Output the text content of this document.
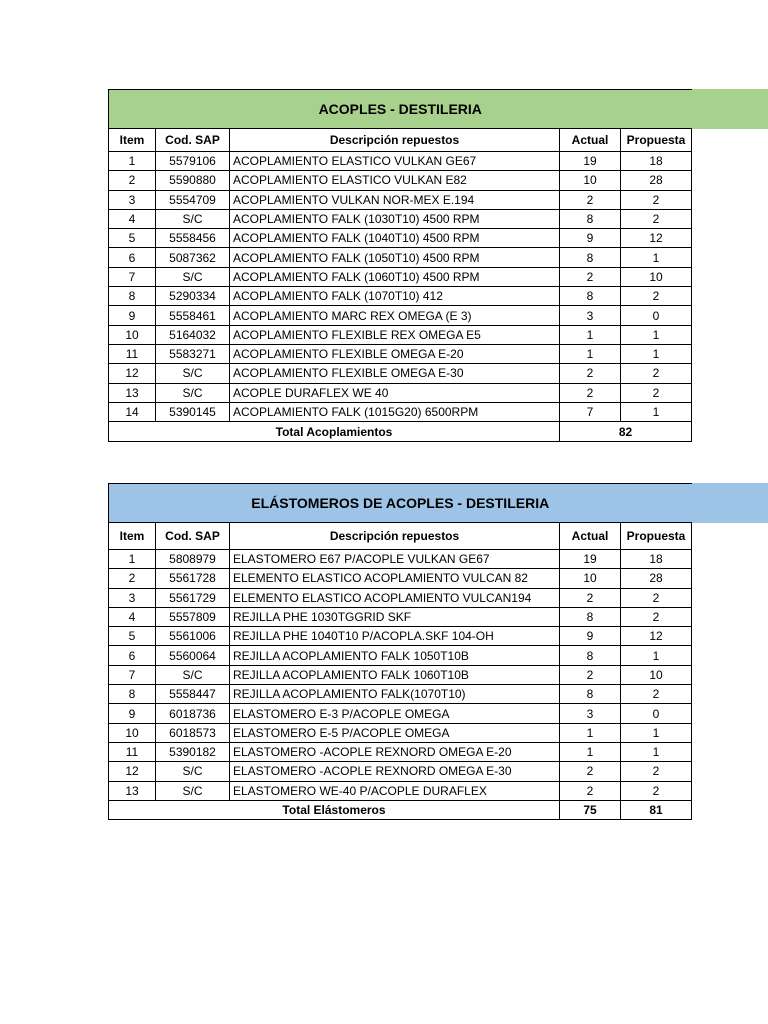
ACOPLES - DESTILERIA				
Item	Cod. SAP	Descripción repuestos	Actual	Propuesta
1	5579106	ACOPLAMIENTO ELASTICO VULKAN GE67	19	18
2	5590880	ACOPLAMIENTO ELASTICO VULKAN E82	10	28
3	5554709	ACOPLAMIENTO VULKAN NOR-MEX E.194	2	2
4	S/C	ACOPLAMIENTO FALK (1030T10) 4500 RPM	8	2
5	5558456	ACOPLAMIENTO FALK (1040T10) 4500 RPM	9	12
6	5087362	ACOPLAMIENTO FALK (1050T10) 4500 RPM	8	1
7	S/C	ACOPLAMIENTO FALK (1060T10) 4500 RPM	2	10
8	5290334	ACOPLAMIENTO FALK (1070T10) 412	8	2
9	5558461	ACOPLAMIENTO MARC REX OMEGA (E 3)	3	0
10	5164032	ACOPLAMIENTO FLEXIBLE REX OMEGA E5	1	1
11	5583271	ACOPLAMIENTO FLEXIBLE OMEGA E-20	1	1
12	S/C	ACOPLAMIENTO FLEXIBLE OMEGA E-30	2	2
13	S/C	ACOPLE DURAFLEX WE 40	2	2
14	5390145	ACOPLAMIENTO FALK (1015G20) 6500RPM	7	1
Total Acoplamientos			82	
ELÁSTOMEROS DE ACOPLES - DESTILERIA				
Item	Cod. SAP	Descripción repuestos	Actual	Propuesta
1	5808979	ELASTOMERO E67 P/ACOPLE VULKAN GE67	19	18
2	5561728	ELEMENTO ELASTICO ACOPLAMIENTO VULCAN 82	10	28
3	5561729	ELEMENTO ELASTICO ACOPLAMIENTO VULCAN194	2	2
4	5557809	REJILLA PHE 1030TGGRID SKF	8	2
5	5561006	REJILLA PHE 1040T10 P/ACOPLA.SKF 104-OH	9	12
6	5560064	REJILLA ACOPLAMIENTO FALK 1050T10B	8	1
7	S/C	REJILLA ACOPLAMIENTO FALK 1060T10B	2	10
8	5558447	REJILLA ACOPLAMIENTO FALK(1070T10)	8	2
9	6018736	ELASTOMERO E-3 P/ACOPLE OMEGA	3	0
10	6018573	ELASTOMERO E-5 P/ACOPLE OMEGA	1	1
11	5390182	ELASTOMERO -ACOPLE REXNORD OMEGA E-20	1	1
12	S/C	ELASTOMERO -ACOPLE REXNORD OMEGA E-30	2	2
13	S/C	ELASTOMERO WE-40 P/ACOPLE DURAFLEX	2	2
Total Elástomeros			75	81
